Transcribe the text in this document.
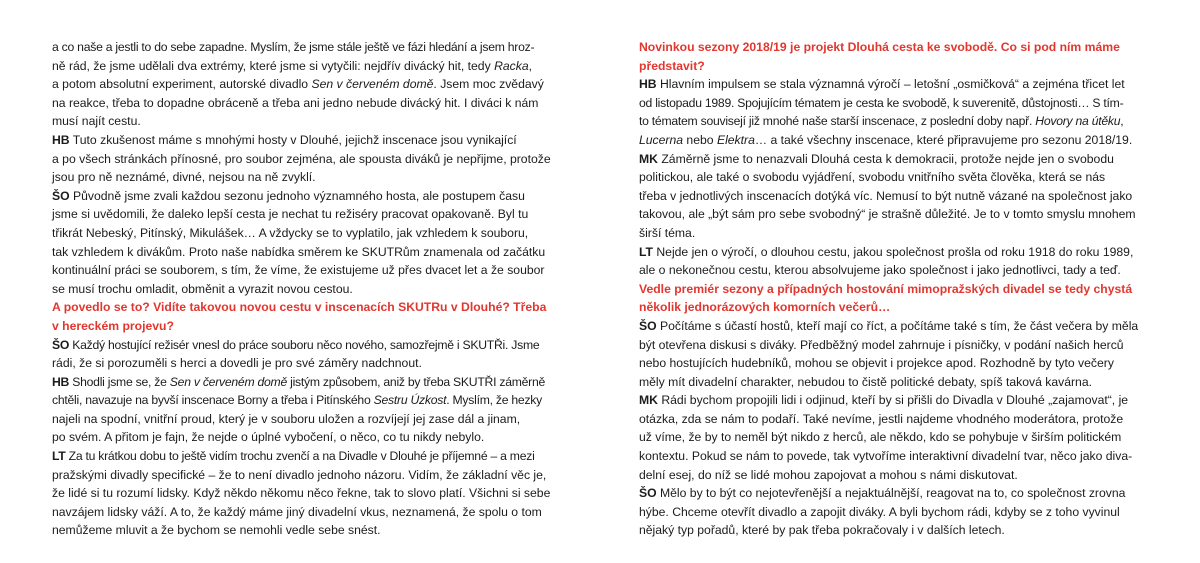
a co naše a jestli to do sebe zapadne. Myslím, že jsme stále ještě ve fázi hledání a jsem hroz-
ně rád, že jsme udělali dva extrémy, které jsme si vytyčili: nejdřív divácký hit, tedy Racka,
a potom absolutní experiment, autorské divadlo Sen v červeném domě. Jsem moc zvědavý
na reakce, třeba to dopadne obráceně a třeba ani jedno nebude divácký hit. I diváci k nám
musí najít cestu.
HB Tuto zkušenost máme s mnohými hosty v Dlouhé, jejichž inscenace jsou vynikající
a po všech stránkách přínosné, pro soubor zejména, ale spousta diváků je nepřijme, protože
jsou pro ně neznámé, divné, nejsou na ně zvyklí.
ŠO Původně jsme zvali každou sezonu jednoho významného hosta, ale postupem času
jsme si uvědomili, že daleko lepší cesta je nechat tu režiséry pracovat opakovaně. Byl tu
třikrát Nebeský, Pitínský, Mikulášek… A vždycky se to vyplatilo, jak vzhledem k souboru,
tak vzhledem k divákům. Proto naše nabídka směrem ke SKUTRům znamenala od začátku
kontinuální práci se souborem, s tím, že víme, že existujeme už přes dvacet let a že soubor
se musí trochu omladit, obměnit a vyrazit novou cestou.
A povedlo se to? Vidíte takovou novou cestu v inscenacích SKUTRu v Dlouhé? Třeba
v hereckém projevu?
ŠO Každý hostující režisér vnesl do práce souboru něco nového, samozřejmě i SKUTŘi. Jsme
rádi, že si porozuměli s herci a dovedli je pro své záměry nadchnout.
HB Shodli jsme se, že Sen v červeném domě jistým způsobem, aniž by třeba SKUTŘI záměrně
chtěli, navazuje na byvší inscenace Borny a třeba i Pitínského Sestru Úzkost. Myslím, že hezky
najeli na spodní, vnitřní proud, který je v souboru uložen a rozvíjejí jej zase dál a jinam,
po svém. A přitom je fajn, že nejde o úplné vybočení, o něco, co tu nikdy nebylo.
LT Za tu krátkou dobu to ještě vidím trochu zvenčí a na Divadle v Dlouhé je příjemné – a mezi
pražskými divadly specifické – že to není divadlo jednoho názoru. Vidím, že základní věc je,
že lidé si tu rozumí lidsky. Když někdo někomu něco řekne, tak to slovo platí. Všichni si sebe
navzájem lidsky váží. A to, že každý máme jiný divadelní vkus, neznamená, že spolu o tom
nemůžeme mluvit a že bychom se nemohli vedle sebe snést.
Novinkou sezony 2018/19 je projekt Dlouhá cesta ke svobodě. Co si pod ním máme
představit?
HB Hlavním impulsem se stala významná výročí – letošní „osmičková“ a zejména třicet let
od listopadu 1989. Spojujícím tématem je cesta ke svobodě, k suverenitě, důstojnosti… S tím-
to tématem souvisejí již mnohé naše starší inscenace, z poslední doby např. Hovory na útěku,
Lucerna nebo Elektra… a také všechny inscenace, které připravujeme pro sezonu 2018/19.
MK Záměrně jsme to nenazvali Dlouhá cesta k demokracii, protože nejde jen o svobodu
politickou, ale také o svobodu vyjádření, svobodu vnitřního světa člověka, která se nás
třeba v jednotlivých inscenacích dotýká víc. Nemusí to být nutně vázané na společnost jako
takovou, ale „být sám pro sebe svobodný“ je strašně důležité. Je to v tomto smyslu mnohem
širší téma.
LT Nejde jen o výročí, o dlouhou cestu, jakou společnost prošla od roku 1918 do roku 1989,
ale o nekonečnou cestu, kterou absolvujeme jako společnost i jako jednotlivci, tady a teď.
Vedle premiér sezony a případných hostování mimopražských divadel se tedy chystá
několik jednorázových komorních večerů…
ŠO Počítáme s účastí hostů, kteří mají co říct, a počítáme také s tím, že část večera by měla
být otevřena diskusi s diváky. Předběžný model zahrnuje i písničky, v podání našich herců
nebo hostujících hudebníků, mohou se objevit i projekce apod. Rozhodně by tyto večery
měly mít divadelní charakter, nebudou to čistě politické debaty, spíš taková kavárna.
MK Rádi bychom propojili lidi i odjinud, kteří by si přišli do Divadla v Dlouhé „zajamovat“, je
otázka, zda se nám to podaří. Také nevíme, jestli najdeme vhodného moderátora, protože
už víme, že by to neměl být nikdo z herců, ale někdo, kdo se pohybuje v širším politickém
kontextu. Pokud se nám to povede, tak vytvoříme interaktivní divadelní tvar, něco jako diva-
delní esej, do níž se lidé mohou zapojovat a mohou s námi diskutovat.
ŠO Mělo by to být co nejotevřenější a nejaktuálnější, reagovat na to, co společnost zrovna
hýbe. Chceme otevřít divadlo a zapojit diváky. A byli bychom rádi, kdyby se z toho vyvinul
nějaký typ pořadů, které by pak třeba pokračovaly i v dalších letech.
